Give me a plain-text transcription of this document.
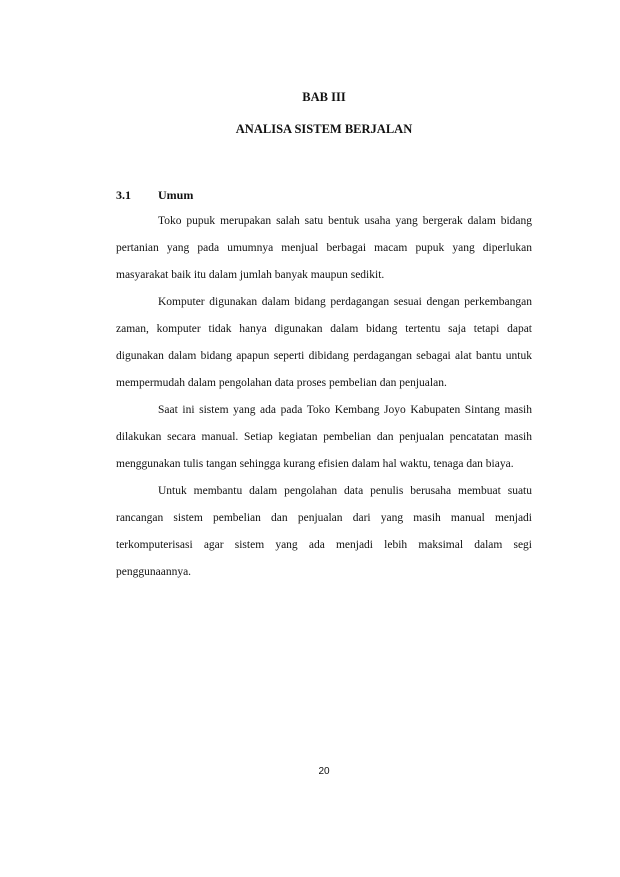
BAB III
ANALISA SISTEM BERJALAN
3.1	Umum

Toko pupuk merupakan salah satu bentuk usaha yang bergerak dalam bidang pertanian yang pada umumnya menjual berbagai macam pupuk yang diperlukan masyarakat baik itu dalam jumlah banyak maupun sedikit.

Komputer digunakan dalam bidang perdagangan sesuai dengan perkembangan zaman, komputer tidak hanya digunakan dalam bidang tertentu saja tetapi dapat digunakan dalam bidang apapun seperti dibidang perdagangan sebagai alat bantu untuk mempermudah dalam pengolahan data proses pembelian dan penjualan.

Saat ini sistem yang ada pada Toko Kembang Joyo Kabupaten Sintang masih dilakukan secara manual. Setiap kegiatan pembelian dan penjualan pencatatan masih menggunakan tulis tangan sehingga kurang efisien dalam hal waktu, tenaga dan biaya.

Untuk membantu dalam pengolahan data penulis berusaha membuat suatu rancangan sistem pembelian dan penjualan dari yang masih manual menjadi terkomputerisasi agar sistem yang ada menjadi lebih maksimal dalam segi penggunaannya.

20
